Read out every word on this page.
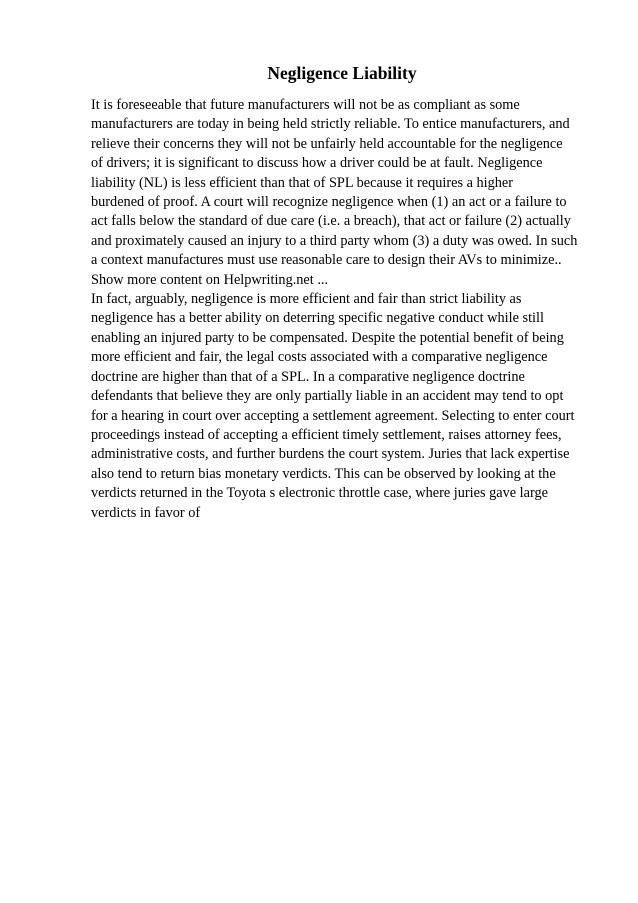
Negligence Liability

It is foreseeable that future manufacturers will not be as compliant as some
manufacturers are today in being held strictly reliable. To entice manufacturers, and
relieve their concerns they will not be unfairly held accountable for the negligence
of drivers; it is significant to discuss how a driver could be at fault. Negligence
liability (NL) is less efficient than that of SPL because it requires a higher
burdened of proof. A court will recognize negligence when (1) an act or a failure to
act falls below the standard of due care (i.e. a breach), that act or failure (2) actually
and proximately caused an injury to a third party whom (3) a duty was owed. In such
a context manufactures must use reasonable care to design their AVs to minimize..
Show more content on Helpwriting.net ...

In fact, arguably, negligence is more efficient and fair than strict liability as
negligence has a better ability on deterring specific negative conduct while still
enabling an injured party to be compensated. Despite the potential benefit of being
more efficient and fair, the legal costs associated with a comparative negligence
doctrine are higher than that of a SPL. In a comparative negligence doctrine
defendants that believe they are only partially liable in an accident may tend to opt
for a hearing in court over accepting a settlement agreement. Selecting to enter court
proceedings instead of accepting a efficient timely settlement, raises attorney fees,
administrative costs, and further burdens the court system. Juries that lack expertise
also tend to return bias monetary verdicts. This can be observed by looking at the
verdicts returned in the Toyota s electronic throttle case, where juries gave large
verdicts in favor of
